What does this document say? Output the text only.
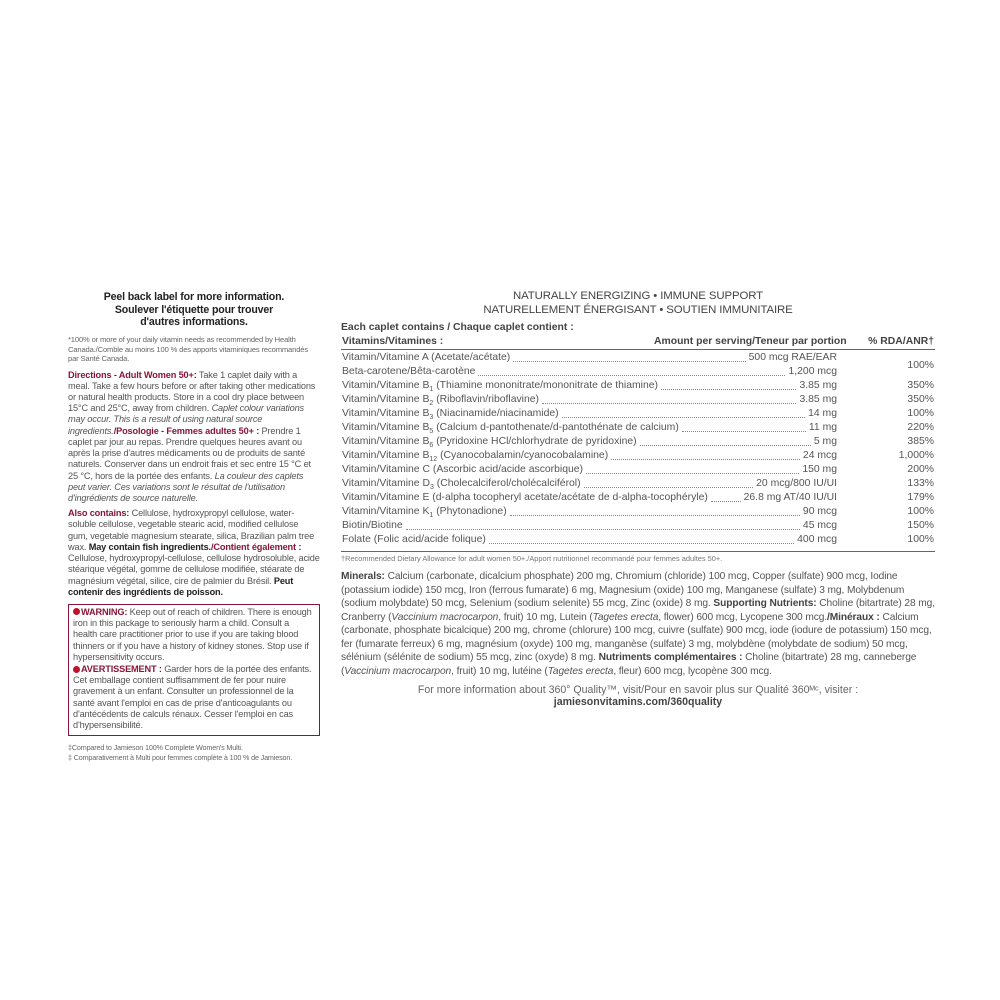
Peel back label for more information.
Soulever l'étiquette pour trouver
d'autres informations.
*100% or more of your daily vitamin needs as recommended by Health Canada./Comble au moins 100 % des apports vitaminiques recommandés par Santé Canada.
Directions - Adult Women 50+: Take 1 caplet daily with a meal. Take a few hours before or after taking other medications or natural health products. Store in a cool dry place between 15°C and 25°C, away from children. Caplet colour variations may occur. This is a result of using natural source ingredients./Posologie - Femmes adultes 50+ : Prendre 1 caplet par jour au repas. Prendre quelques heures avant ou après la prise d'autres médicaments ou de produits de santé naturels. Conserver dans un endroit frais et sec entre 15 °C et 25 °C, hors de la portée des enfants. La couleur des caplets peut varier. Ces variations sont le résultat de l'utilisation d'ingrédients de source naturelle.
Also contains: Cellulose, hydroxypropyl cellulose, water-soluble cellulose, vegetable stearic acid, modified cellulose gum, vegetable magnesium stearate, silica, Brazilian palm tree wax. May contain fish ingredients./Contient également : Cellulose, hydroxypropyl-cellulose, cellulose hydrosoluble, acide stéarique végétal, gomme de cellulose modifiée, stéarate de magnésium végétal, silice, cire de palmier du Brésil. Peut contenir des ingrédients de poisson.
WARNING: Keep out of reach of children. There is enough iron in this package to seriously harm a child. Consult a health care practitioner prior to use if you are taking blood thinners or if you have a history of kidney stones. Stop use if hypersensitivity occurs.
AVERTISSEMENT : Garder hors de la portée des enfants. Cet emballage contient suffisamment de fer pour nuire gravement à un enfant. Consulter un professionnel de la santé avant l'emploi en cas de prise d'anticoagulants ou d'antécédents de calculs rénaux. Cesser l'emploi en cas d'hypersensibilité.
‡Compared to Jamieson 100% Complete Women's Multi.
‡ Comparativement à Multi pour femmes complète à 100 % de Jamieson.
NATURALLY ENERGIZING • IMMUNE SUPPORT
NATURELLEMENT ÉNERGISANT • SOUTIEN IMMUNITAIRE
Each caplet contains / Chaque caplet contient :
Vitamins/Vitamines :	Amount per serving/Teneur par portion % RDA/ANR†
Vitamin/Vitamine A (Acetate/acétate)	500 mcg RAE/EAR
Beta-carotene/Bêta-carotène	1,200 mcg
100%
Vitamin/Vitamine $B_1$ (Thiamine mononitrate/mononitrate de thiamine)	3.85 mg	350%
Vitamin/Vitamine $B_2$ (Riboflavin/riboflavine)	3.85 mg	350%
Vitamin/Vitamine $B_3$ (Niacinamide/niacinamide)	14 mg	100%
Vitamin/Vitamine $B_5$ (Calcium d-pantothenate/d-pantothénate de calcium)	11 mg	220%
Vitamin/Vitamine $B_6$ (Pyridoxine HCl/chlorhydrate de pyridoxine)	5 mg	385%
Vitamin/Vitamine $B_{12}$ (Cyanocobalamin/cyanocobalamine)	24 mcg	1,000%
Vitamin/Vitamine C (Ascorbic acid/acide ascorbique)	150 mg	200%
Vitamin/Vitamine $D_3$ (Cholecalciferol/cholécalciférol)	20 mcg/800 IU/UI	133%
Vitamin/Vitamine E (d-alpha tocopheryl acetate/acétate de d-alpha-tocophéryle)	26.8 mg AT/40 IU/UI	179%
Vitamin/Vitamine $K_1$ (Phytonadione)	90 mcg	100%
Biotin/Biotine	45 mcg	150%
Folate (Folic acid/acide folique)	400 mcg	100%
†Recommended Dietary Allowance for adult women 50+./Apport nutritionnel recommandé pour femmes adultes 50+.
Minerals: Calcium (carbonate, dicalcium phosphate) 200 mg, Chromium (chloride) 100 mcg, Copper (sulfate) 900 mcg, Iodine (potassium iodide) 150 mcg, Iron (ferrous fumarate) 6 mg, Magnesium (oxide) 100 mg, Manganese (sulfate) 3 mg, Molybdenum (sodium molybdate) 50 mcg, Selenium (sodium selenite) 55 mcg, Zinc (oxide) 8 mg. Supporting Nutrients: Choline (bitartrate) 28 mg, Cranberry (Vaccinium macrocarpon, fruit) 10 mg, Lutein (Tagetes erecta, flower) 600 mcg, Lycopene 300 mcg./Minéraux : Calcium (carbonate, phosphate bicalcique) 200 mg, chrome (chlorure) 100 mcg, cuivre (sulfate) 900 mcg, iode (iodure de potassium) 150 mcg, fer (fumarate ferreux) 6 mg, magnésium (oxyde) 100 mg, manganèse (sulfate) 3 mg, molybdène (molybdate de sodium) 50 mcg, sélénium (sélénite de sodium) 55 mcg, zinc (oxyde) 8 mg. Nutriments complémentaires : Choline (bitartrate) 28 mg, canneberge (Vaccinium macrocarpon, fruit) 10 mg, lutéine (Tagetes erecta, fleur) 600 mcg, lycopène 300 mcg.
For more information about 360° Quality™, visit/Pour en savoir plus sur Qualité 360ᴹᶜ, visiter : jamiesonvitamins.com/360quality
